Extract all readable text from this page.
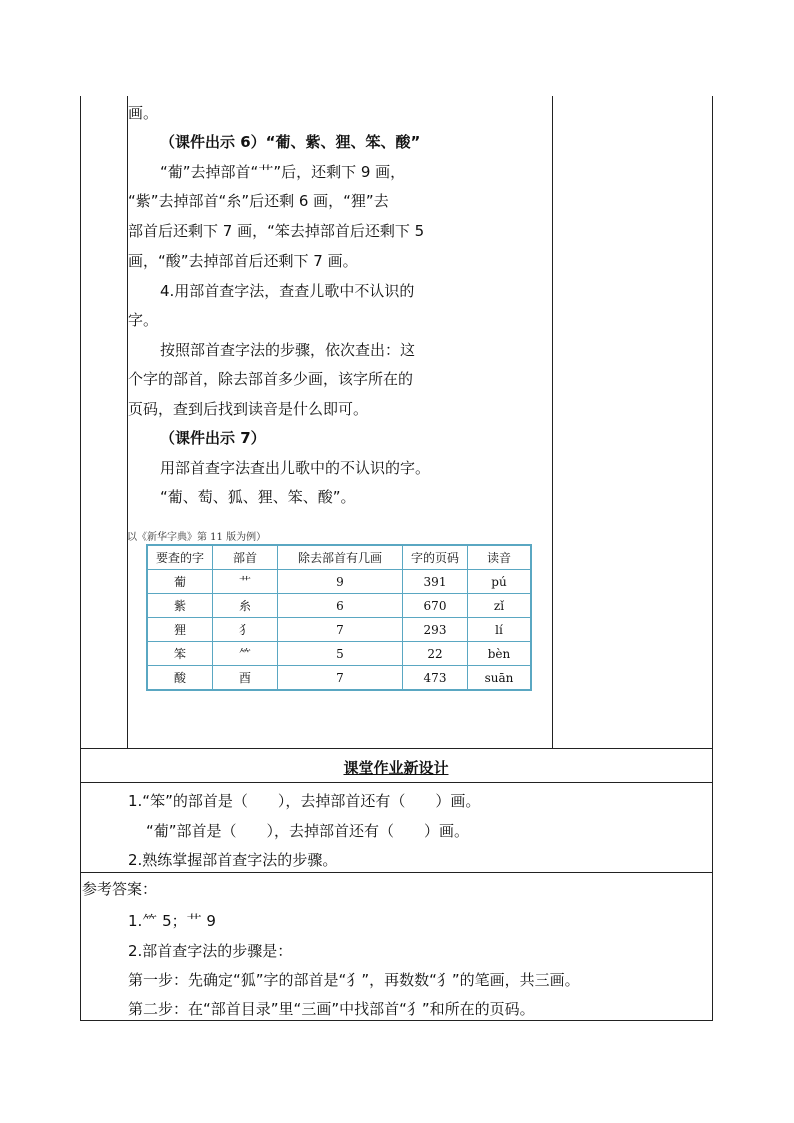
画。
（课件出示 6）“葡、紫、狸、笨、酸”
“葡”去掉部首“艹”后，还剩下 9 画，
“紫”去掉部首“糸”后还剩 6 画，“狸”去
部首后还剩下 7 画，“笨去掉部首后还剩下 5
画，“酸”去掉部首后还剩下 7 画。
4.用部首查字法，查查儿歌中不认识的
字。
按照部首查字法的步骤，依次查出：这
个字的部首，除去部首多少画，该字所在的
页码，查到后找到读音是什么即可。
（课件出示 7）
用部首查字法查出儿歌中的不认识的字。
“葡、萄、狐、狸、笨、酸”。
以《新华字典》第 11 版为例）
要查的字	部首	除去部首有几画	字的页码	读音
葡	艹	9	391	pú
紫	糸	6	670	zǐ
狸	犭	7	293	lí
笨	⺮	5	22	bèn
酸	酉	7	473	suān
课堂作业新设计
1.“笨”的部首是（　　），去掉部首还有（　　）画。
“葡”部首是（　　），去掉部首还有（　　）画。
2.熟练掌握部首查字法的步骤。
参考答案：
1.⺮ 5；艹 9
2.部首查字法的步骤是：
第一步：先确定“狐”字的部首是“犭”，再数数“犭”的笔画，共三画。
第二步：在“部首目录”里“三画”中找部首“犭”和所在的页码。
